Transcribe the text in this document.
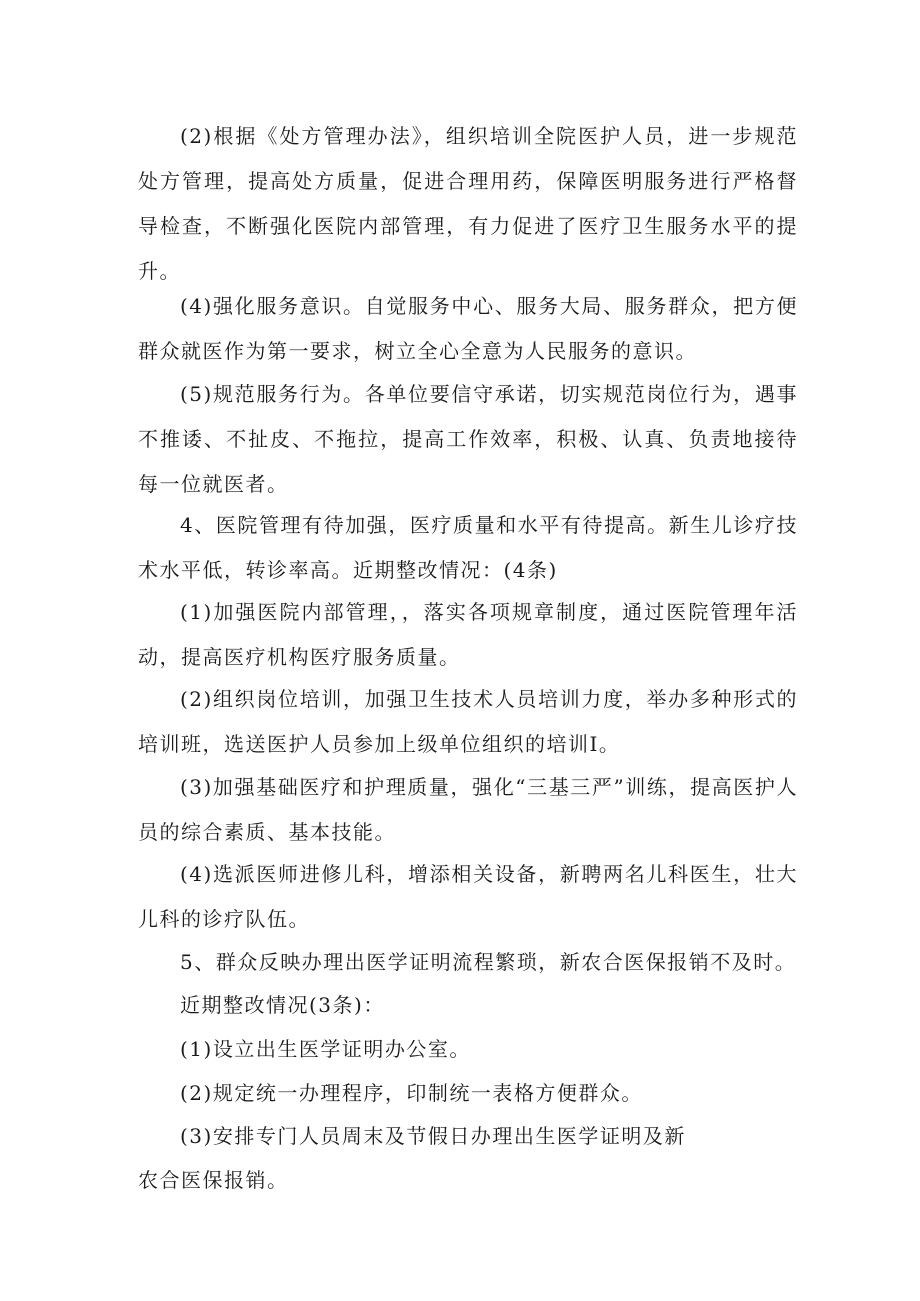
(2)根据《处方管理办法》，组织培训全院医护人员，进一步规范处方管理，提高处方质量，促进合理用药，保障医明服务进行严格督导检查，不断强化医院内部管理，有力促进了医疗卫生服务水平的提升。

(4)强化服务意识。自觉服务中心、服务大局、服务群众，把方便群众就医作为第一要求，树立全心全意为人民服务的意识。

(5)规范服务行为。各单位要信守承诺，切实规范岗位行为，遇事不推诿、不扯皮、不拖拉，提高工作效率，积极、认真、负责地接待每一位就医者。

4、医院管理有待加强，医疗质量和水平有待提高。新生儿诊疗技术水平低，转诊率高。近期整改情况：(4条)

(1)加强医院内部管理，，落实各项规章制度，通过医院管理年活动，提高医疗机构医疗服务质量。

(2)组织岗位培训，加强卫生技术人员培训力度，举办多种形式的培训班，选送医护人员参加上级单位组织的培训I。

(3)加强基础医疗和护理质量，强化“三基三严”训练，提高医护人员的综合素质、基本技能。

(4)选派医师进修儿科，增添相关设备，新聘两名儿科医生，壮大儿科的诊疗队伍。

5、群众反映办理出医学证明流程繁琐，新农合医保报销不及时。

近期整改情况(3条)：

(1)设立出生医学证明办公室。

(2)规定统一办理程序，印制统一表格方便群众。

(3)安排专门人员周末及节假日办理出生医学证明及新

农合医保报销。
